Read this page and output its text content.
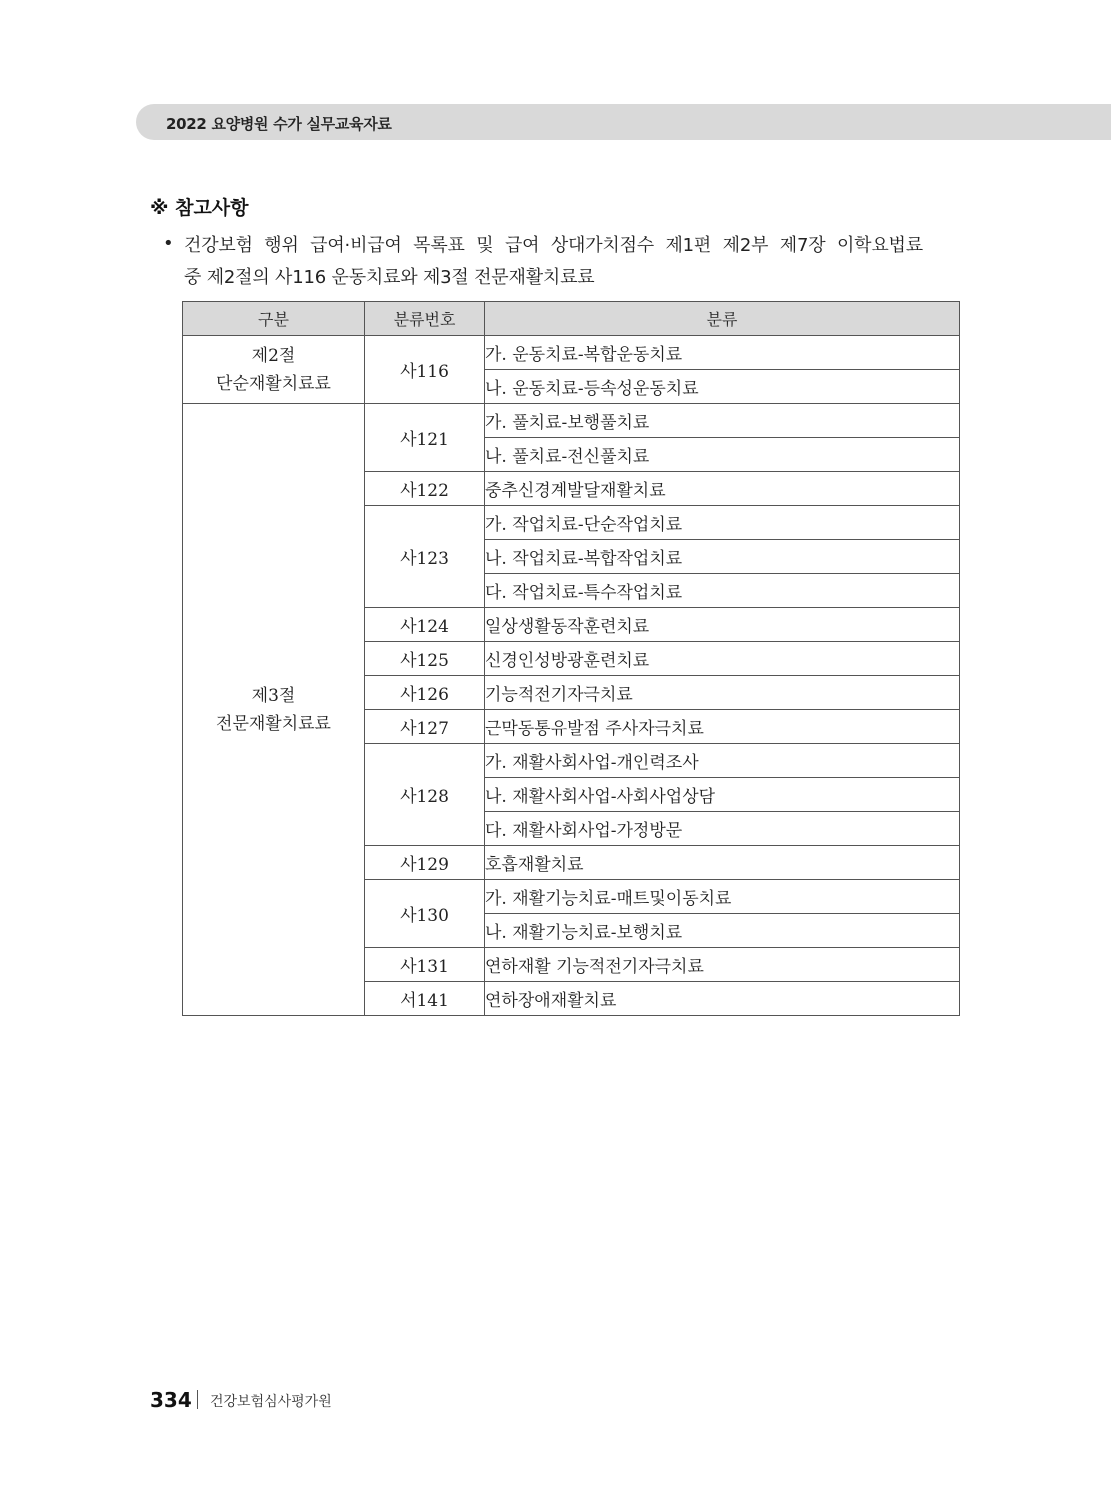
2022 요양병원 수가 실무교육자료
※ 참고사항
• 건강보험 행위 급여·비급여 목록표 및 급여 상대가치점수 제1편 제2부 제7장 이학요법료
중 제2절의 사116 운동치료와 제3절 전문재활치료료
구분	분류번호	분류
제2절
단순재활치료료	사116	가. 운동치료-복합운동치료
		나. 운동치료-등속성운동치료
제3절
전문재활치료료	사121	가. 풀치료-보행풀치료
		나. 풀치료-전신풀치료
	사122	중추신경계발달재활치료
	사123	가. 작업치료-단순작업치료
		나. 작업치료-복합작업치료
		다. 작업치료-특수작업치료
	사124	일상생활동작훈련치료
	사125	신경인성방광훈련치료
	사126	기능적전기자극치료
	사127	근막동통유발점 주사자극치료
	사128	가. 재활사회사업-개인력조사
		나. 재활사회사업-사회사업상담
		다. 재활사회사업-가정방문
	사129	호흡재활치료
	사130	가. 재활기능치료-매트및이동치료
		나. 재활기능치료-보행치료
	사131	연하재활 기능적전기자극치료
	서141	연하장애재활치료
334 건강보험심사평가원
